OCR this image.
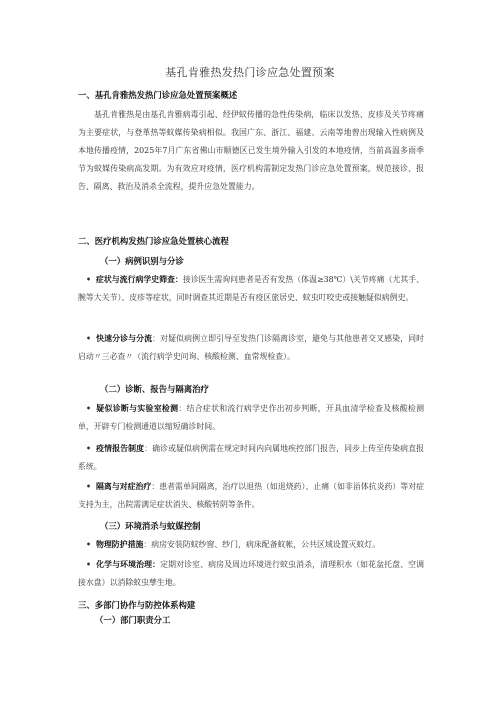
基孔肯雅热发热门诊应急处置预案
一、基孔肯雅热发热门诊应急处置预案概述

基孔肯雅热是由基孔肯雅病毒引起、经伊蚊传播的急性传染病，临床以发热、皮疹及关节疼痛为主要症状，与登革热等蚊媒传染病相似。我国广东、浙江、福建、云南等地曾出现输入性病例及本地传播疫情，2025年7月广东省佛山市顺德区已发生境外输入引发的本地疫情，当前高温多雨季节为蚊媒传染病高发期。为有效应对疫情，医疗机构需制定发热门诊应急处置预案，规范接诊、报告、隔离、救治及消杀全流程，提升应急处置能力。

二、医疗机构发热门诊应急处置核心流程
（一）病例识别与分诊

• 症状与流行病学史筛查：接诊医生需询问患者是否有发热（体温≥38℃）\关节疼痛（尤其手、腕等大关节）、皮疹等症状，同时调查其近期是否有疫区旅居史、蚊虫叮咬史或接触疑似病例史。

• 快速分诊与分流：对疑似病例立即引导至发热门诊隔离诊室，避免与其他患者交叉感染，同时启动〃三必查〃（流行病学史问询、核酸检测、血常规检查）。

（二）诊断、报告与隔离治疗

• 疑似诊断与实验室检测：结合症状和流行病学史作出初步判断，开具血清学检查及核酸检测单，开辟专门检测通道以缩短确诊时间。

• 疫情报告制度：确诊或疑似病例需在规定时间内向属地疾控部门报告，同步上传至传染病直报系统。

• 隔离与对症治疗：患者需单间隔离，治疗以退热（如退烧药）、止痛（如非甾体抗炎药）等对症支持为主，出院需满足症状消失、核酸转阴等条件。

（三）环境消杀与蚊媒控制

• 物理防护措施：病房安装防蚊纱窗、纱门，病床配备蚊帐，公共区域设置灭蚊灯。

• 化学与环境治理：定期对诊室、病房及周边环境进行蚊虫消杀，清理积水（如花盆托盘、空调接水盘）以消除蚊虫孳生地。

三、多部门协作与防控体系构建
（一）部门职责分工
